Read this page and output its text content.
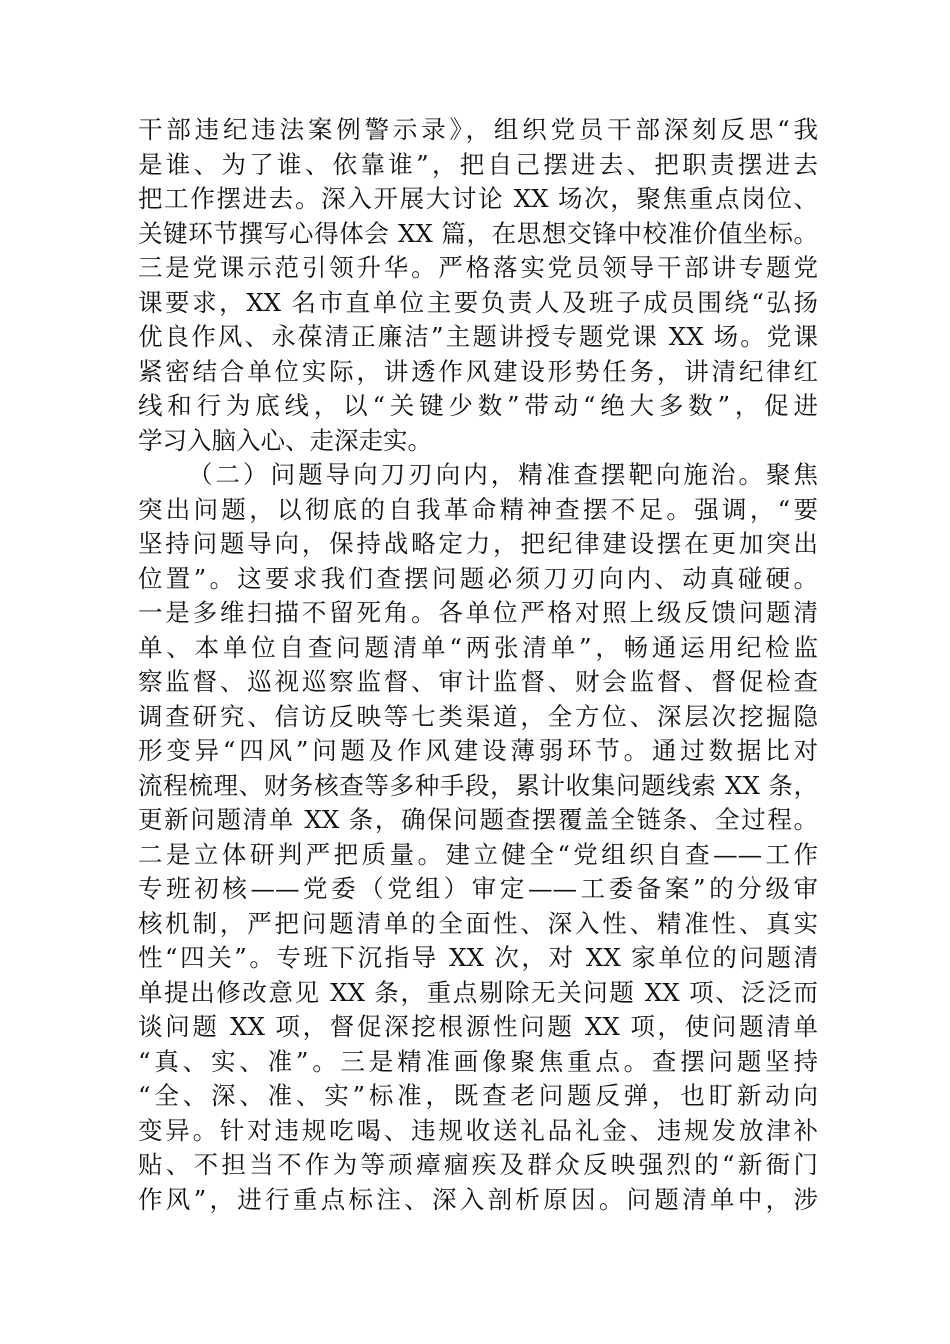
干部违纪违法案例警示录》，组织党员干部深刻反思“我
是谁、为了谁、依靠谁”，把自己摆进去、把职责摆进去
把工作摆进去。深入开展大讨论 XX 场次，聚焦重点岗位、
关键环节撰写心得体会 XX 篇，在思想交锋中校准价值坐标。
三是党课示范引领升华。严格落实党员领导干部讲专题党
课要求，XX 名市直单位主要负责人及班子成员围绕“弘扬
优良作风、永葆清正廉洁”主题讲授专题党课 XX 场。党课
紧密结合单位实际，讲透作风建设形势任务，讲清纪律红
线和行为底线，以“关键少数”带动“绝大多数”，促进
学习入脑入心、走深走实。
（二）问题导向刀刃向内，精准查摆靶向施治。聚焦
突出问题，以彻底的自我革命精神查摆不足。强调，“要
坚持问题导向，保持战略定力，把纪律建设摆在更加突出
位置”。这要求我们查摆问题必须刀刃向内、动真碰硬。
一是多维扫描不留死角。各单位严格对照上级反馈问题清
单、本单位自查问题清单“两张清单”，畅通运用纪检监
察监督、巡视巡察监督、审计监督、财会监督、督促检查
调查研究、信访反映等七类渠道，全方位、深层次挖掘隐
形变异“四风”问题及作风建设薄弱环节。通过数据比对
流程梳理、财务核查等多种手段，累计收集问题线索 XX 条，
更新问题清单 XX 条，确保问题查摆覆盖全链条、全过程。
二是立体研判严把质量。建立健全“党组织自查——工作
专班初核——党委（党组）审定——工委备案”的分级审
核机制，严把问题清单的全面性、深入性、精准性、真实
性“四关”。专班下沉指导 XX 次，对 XX 家单位的问题清
单提出修改意见 XX 条，重点剔除无关问题 XX 项、泛泛而
谈问题 XX 项，督促深挖根源性问题 XX 项，使问题清单
“真、实、准”。三是精准画像聚焦重点。查摆问题坚持
“全、深、准、实”标准，既查老问题反弹，也盯新动向
变异。针对违规吃喝、违规收送礼品礼金、违规发放津补
贴、不担当不作为等顽瘴痼疾及群众反映强烈的“新衙门
作风”，进行重点标注、深入剖析原因。问题清单中，涉
